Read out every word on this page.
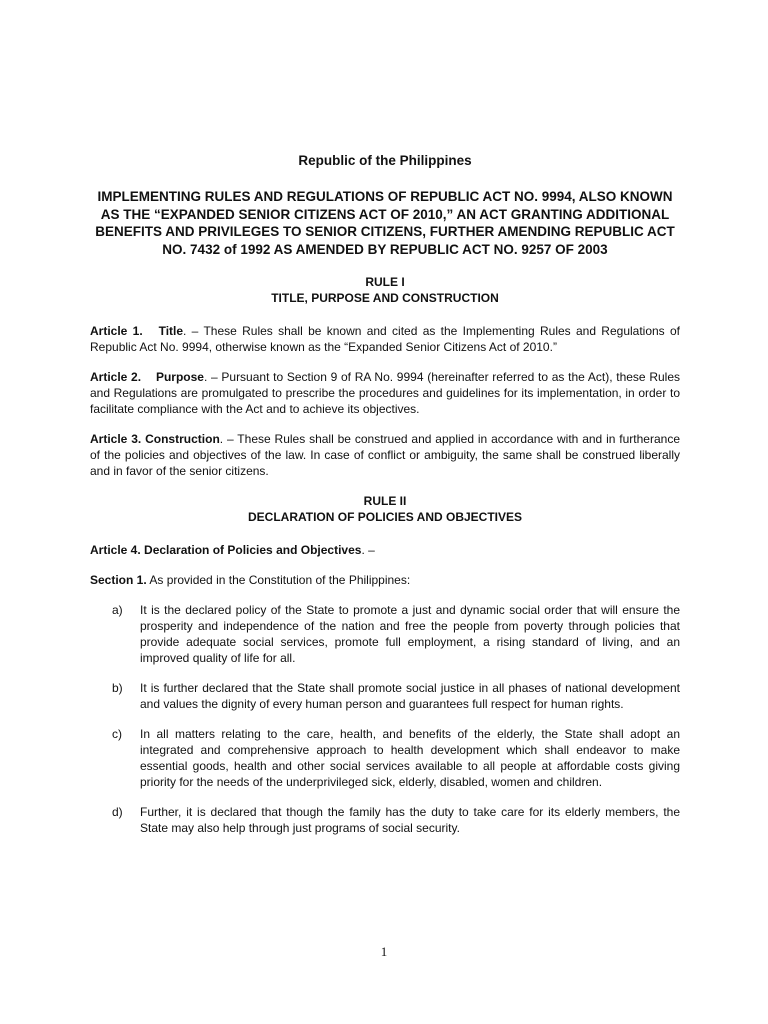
Republic of the Philippines

IMPLEMENTING RULES AND REGULATIONS OF REPUBLIC ACT NO. 9994, ALSO KNOWN AS THE “EXPANDED SENIOR CITIZENS ACT OF 2010,” AN ACT GRANTING ADDITIONAL BENEFITS AND PRIVILEGES TO SENIOR CITIZENS, FURTHER AMENDING REPUBLIC ACT NO. 7432 of 1992 AS AMENDED BY REPUBLIC ACT NO. 9257 OF 2003

RULE I

TITLE, PURPOSE AND CONSTRUCTION

Article 1. Title. – These Rules shall be known and cited as the Implementing Rules and Regulations of Republic Act No. 9994, otherwise known as the “Expanded Senior Citizens Act of 2010.”

Article 2. Purpose. – Pursuant to Section 9 of RA No. 9994 (hereinafter referred to as the Act), these Rules and Regulations are promulgated to prescribe the procedures and guidelines for its implementation, in order to facilitate compliance with the Act and to achieve its objectives.

Article 3. Construction. – These Rules shall be construed and applied in accordance with and in furtherance of the policies and objectives of the law. In case of conflict or ambiguity, the same shall be construed liberally and in favor of the senior citizens.

RULE II

DECLARATION OF POLICIES AND OBJECTIVES

Article 4. Declaration of Policies and Objectives. –

Section 1. As provided in the Constitution of the Philippines:

a)	It is the declared policy of the State to promote a just and dynamic social order that will ensure the prosperity and independence of the nation and free the people from poverty through policies that provide adequate social services, promote full employment, a rising standard of living, and an improved quality of life for all.
b)	It is further declared that the State shall promote social justice in all phases of national development and values the dignity of every human person and guarantees full respect for human rights.
c)	In all matters relating to the care, health, and benefits of the elderly, the State shall adopt an integrated and comprehensive approach to health development which shall endeavor to make essential goods, health and other social services available to all people at affordable costs giving priority for the needs of the underprivileged sick, elderly, disabled, women and children.
d)	Further, it is declared that though the family has the duty to take care for its elderly members, the State may also help through just programs of social security.
1
